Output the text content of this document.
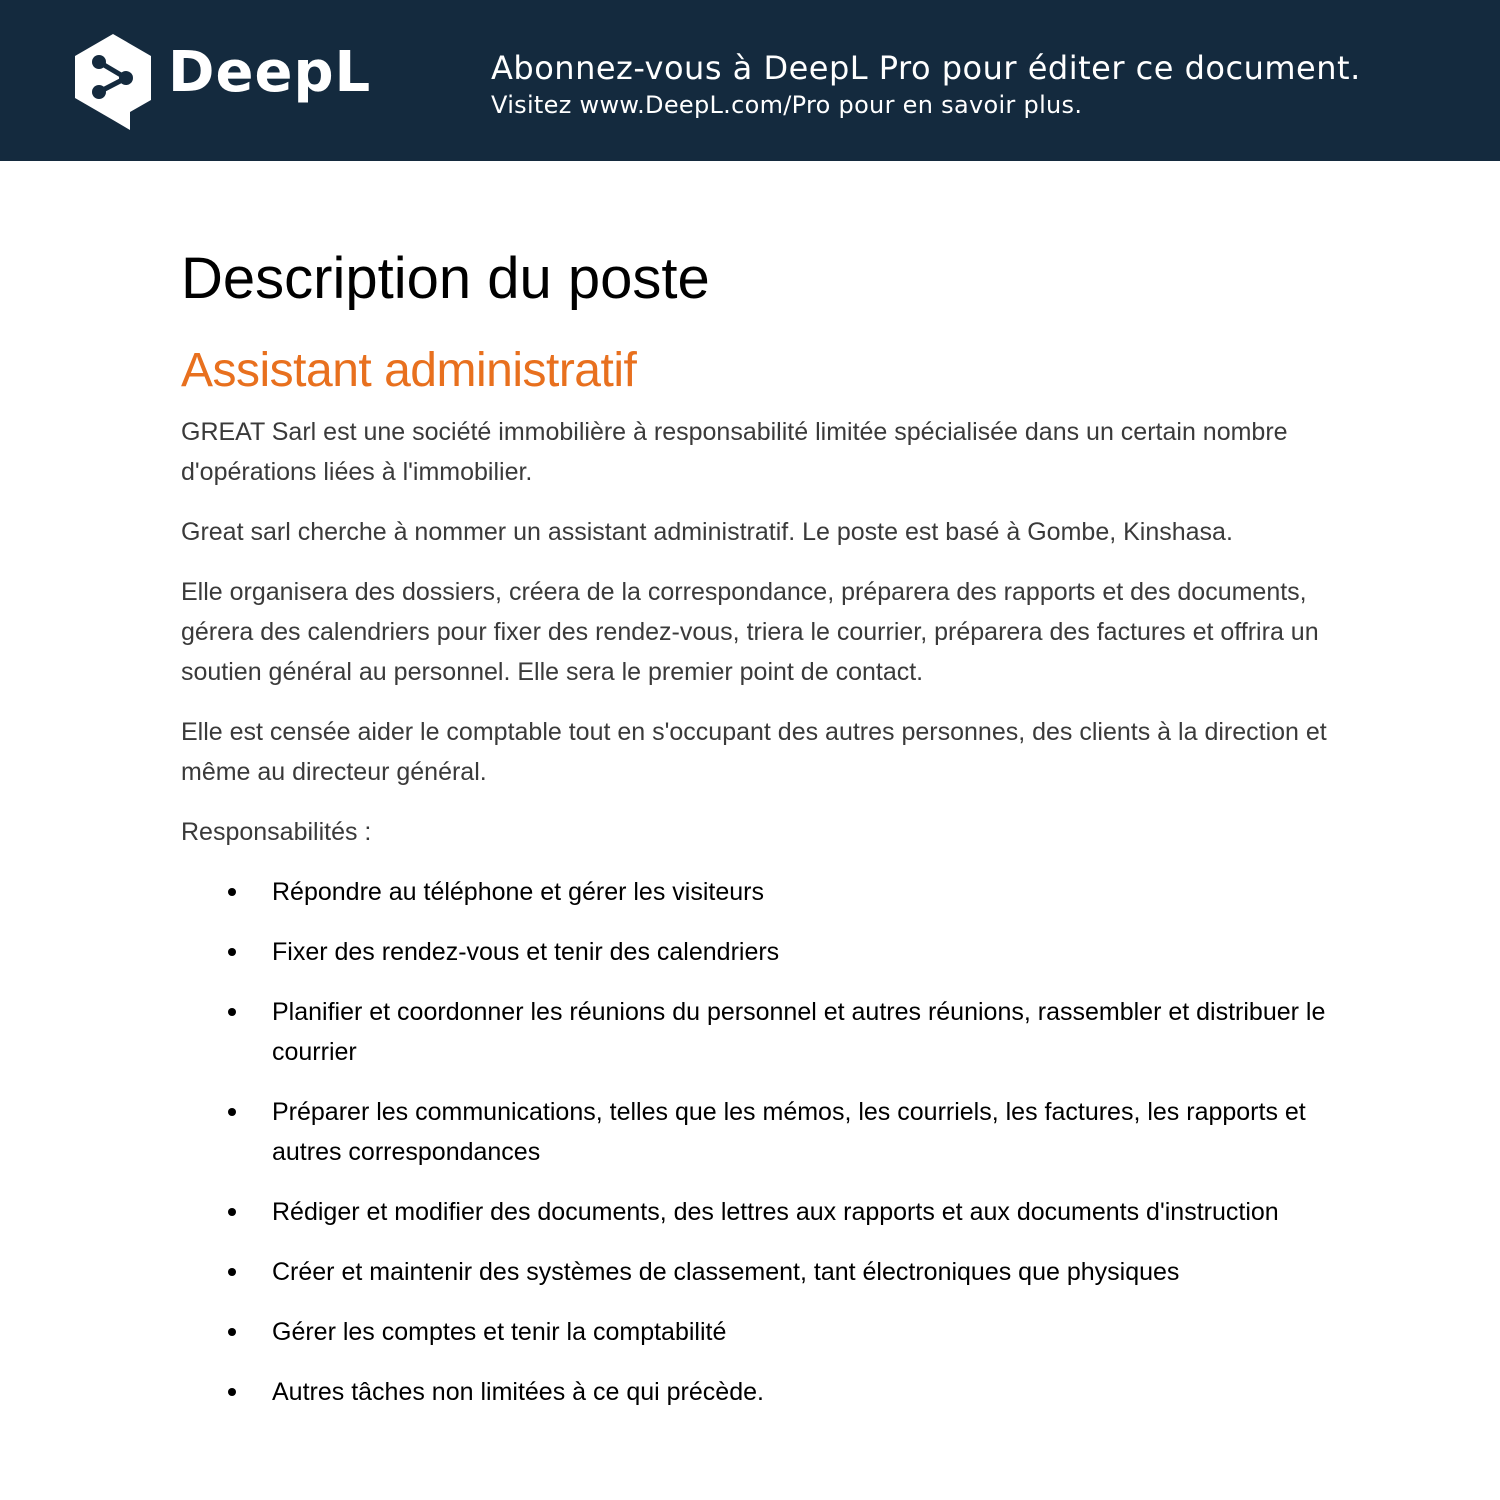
DeepL	Abonnez-vous à DeepL Pro pour éditer ce document.
Visitez www.DeepL.com/Pro pour en savoir plus.
Description du poste
Assistant administratif

GREAT Sarl est une société immobilière à responsabilité limitée spécialisée dans un certain nombre d'opérations liées à l'immobilier.

Great sarl cherche à nommer un assistant administratif. Le poste est basé à Gombe, Kinshasa.

Elle organisera des dossiers, créera de la correspondance, préparera des rapports et des documents, gérera des calendriers pour fixer des rendez-vous, triera le courrier, préparera des factures et offrira un soutien général au personnel. Elle sera le premier point de contact.

Elle est censée aider le comptable tout en s'occupant des autres personnes, des clients à la direction et même au directeur général.

Responsabilités :

Répondre au téléphone et gérer les visiteurs
Fixer des rendez-vous et tenir des calendriers
Planifier et coordonner les réunions du personnel et autres réunions, rassembler et distribuer le courrier
Préparer les communications, telles que les mémos, les courriels, les factures, les rapports et autres correspondances
Rédiger et modifier des documents, des lettres aux rapports et aux documents d'instruction
Créer et maintenir des systèmes de classement, tant électroniques que physiques
Gérer les comptes et tenir la comptabilité
Autres tâches non limitées à ce qui précède.
